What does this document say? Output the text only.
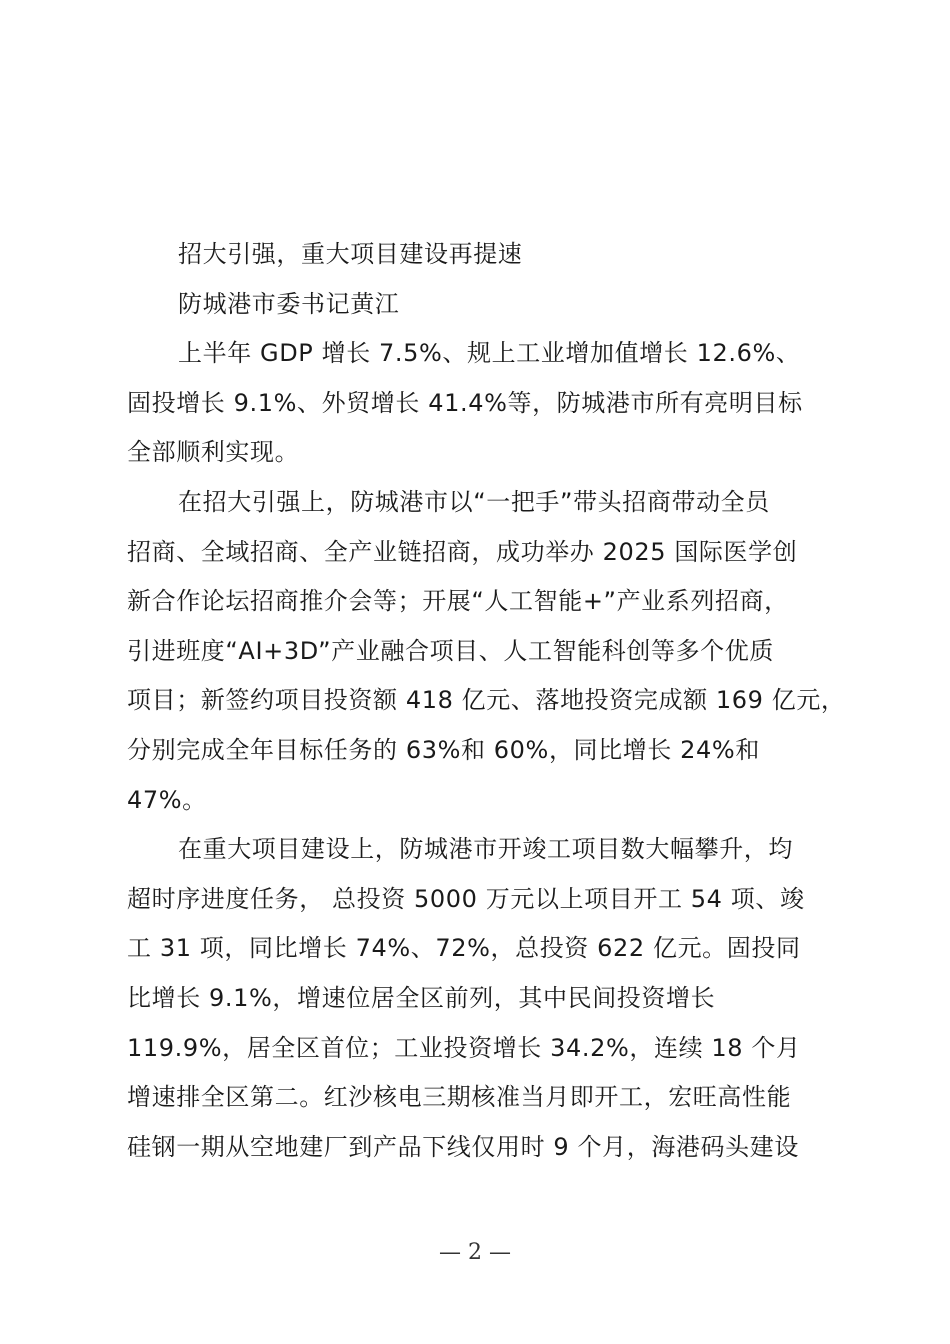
招大引强，重大项目建设再提速
防城港市委书记黄江
上半年 GDP 增长 7.5%、规上工业增加值增长 12.6%、
固投增长 9.1%、外贸增长 41.4%等，防城港市所有亮明目标
全部顺利实现。
在招大引强上，防城港市以“一把手”带头招商带动全员
招商、全域招商、全产业链招商，成功举办 2025 国际医学创
新合作论坛招商推介会等；开展“人工智能+”产业系列招商，
引进班度“AI+3D”产业融合项目、人工智能科创等多个优质
项目；新签约项目投资额 418 亿元、落地投资完成额 169 亿元，
分别完成全年目标任务的 63%和 60%，同比增长 24%和
47%。
在重大项目建设上，防城港市开竣工项目数大幅攀升，均
超时序进度任务， 总投资 5000 万元以上项目开工 54 项、竣
工 31 项，同比增长 74%、72%，总投资 622 亿元。固投同
比增长 9.1%，增速位居全区前列，其中民间投资增长
119.9%，居全区首位；工业投资增长 34.2%，连续 18 个月
增速排全区第二。红沙核电三期核准当月即开工，宏旺高性能
硅钢一期从空地建厂到产品下线仅用时 9 个月，海港码头建设
— 2 —
